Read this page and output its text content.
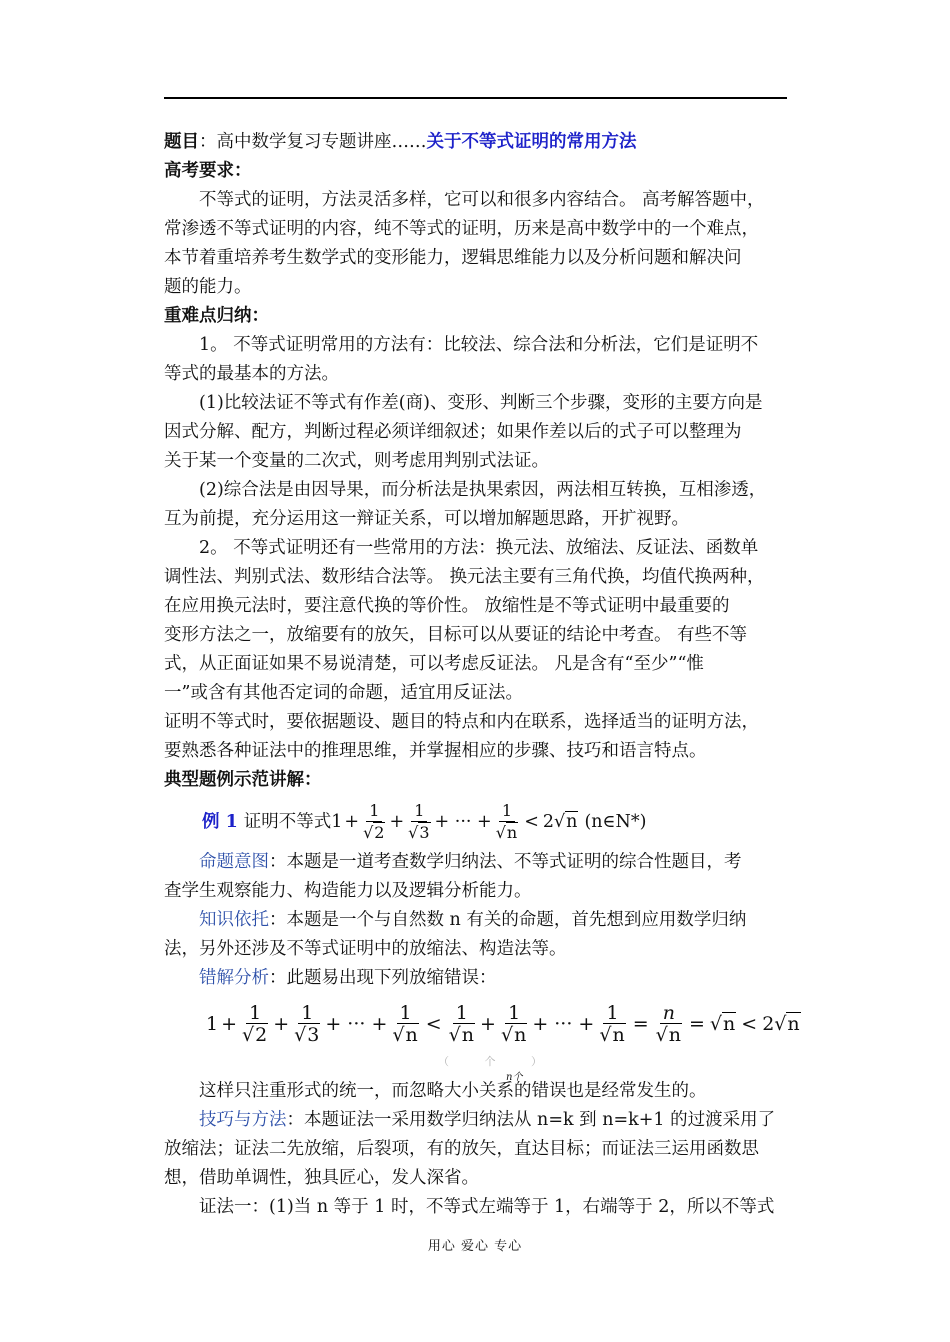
题目：高中数学复习专题讲座……关于不等式证明的常用方法
高考要求：
不等式的证明，方法灵活多样，它可以和很多内容结合。 高考解答题中，
常渗透不等式证明的内容，纯不等式的证明，历来是高中数学中的一个难点，
本节着重培养考生数学式的变形能力，逻辑思维能力以及分析问题和解决问
题的能力。
重难点归纳：
1。 不等式证明常用的方法有：比较法、综合法和分析法，它们是证明不
等式的最基本的方法。
(1)比较法证不等式有作差(商)、变形、判断三个步骤，变形的主要方向是
因式分解、配方，判断过程必须详细叙述；如果作差以后的式子可以整理为
关于某一个变量的二次式，则考虑用判别式法证。
(2)综合法是由因导果，而分析法是执果索因，两法相互转换，互相渗透，
互为前提，充分运用这一辩证关系，可以增加解题思路，开扩视野。
2。 不等式证明还有一些常用的方法：换元法、放缩法、反证法、函数单
调性法、判别式法、数形结合法等。 换元法主要有三角代换，均值代换两种，
在应用换元法时，要注意代换的等价性。 放缩性是不等式证明中最重要的
变形方法之一，放缩要有的放矢，目标可以从要证的结论中考查。 有些不等
式，从正面证如果不易说清楚，可以考虑反证法。 凡是含有“至少”“惟
一”或含有其他否定词的命题，适宜用反证法。
证明不等式时，要依据题设、题目的特点和内在联系，选择适当的证明方法，
要熟悉各种证法中的推理思维，并掌握相应的步骤、技巧和语言特点。
典型题例示范讲解：
例 1 证明不等式 $1 + \frac{1}{√2} + \frac{1}{√3}$ + ··· + $\frac{1}{√n} < 2$ √n (n∈N*)
命题意图：本题是一道考查数学归纳法、不等式证明的综合性题目，考
查学生观察能力、构造能力以及逻辑分析能力。
知识依托：本题是一个与自然数 n 有关的命题，首先想到应用数学归纳
法，另外还涉及不等式证明中的放缩法、构造法等。
错解分析：此题易出现下列放缩错误：
$1 + \frac{1}{√2} + \frac{1}{√3}$ + ··· + $\frac{1}{√n} < \frac{1}{√n} + \frac{1}{√n}$ + ··· + $\frac{1}{√n} = \frac{n}{√n} = √n < 2$ √n
（ 个 ）
n个
这样只注重形式的统一，而忽略大小关系的错误也是经常发生的。
技巧与方法：本题证法一采用数学归纳法从 n=k 到 n=k+1 的过渡采用了
放缩法；证法二先放缩，后裂项，有的放矢，直达目标；而证法三运用函数思
想，借助单调性，独具匠心，发人深省。
证法一：(1)当 n 等于 1 时，不等式左端等于 1，右端等于 2，所以不等式
用心 爱心 专心
